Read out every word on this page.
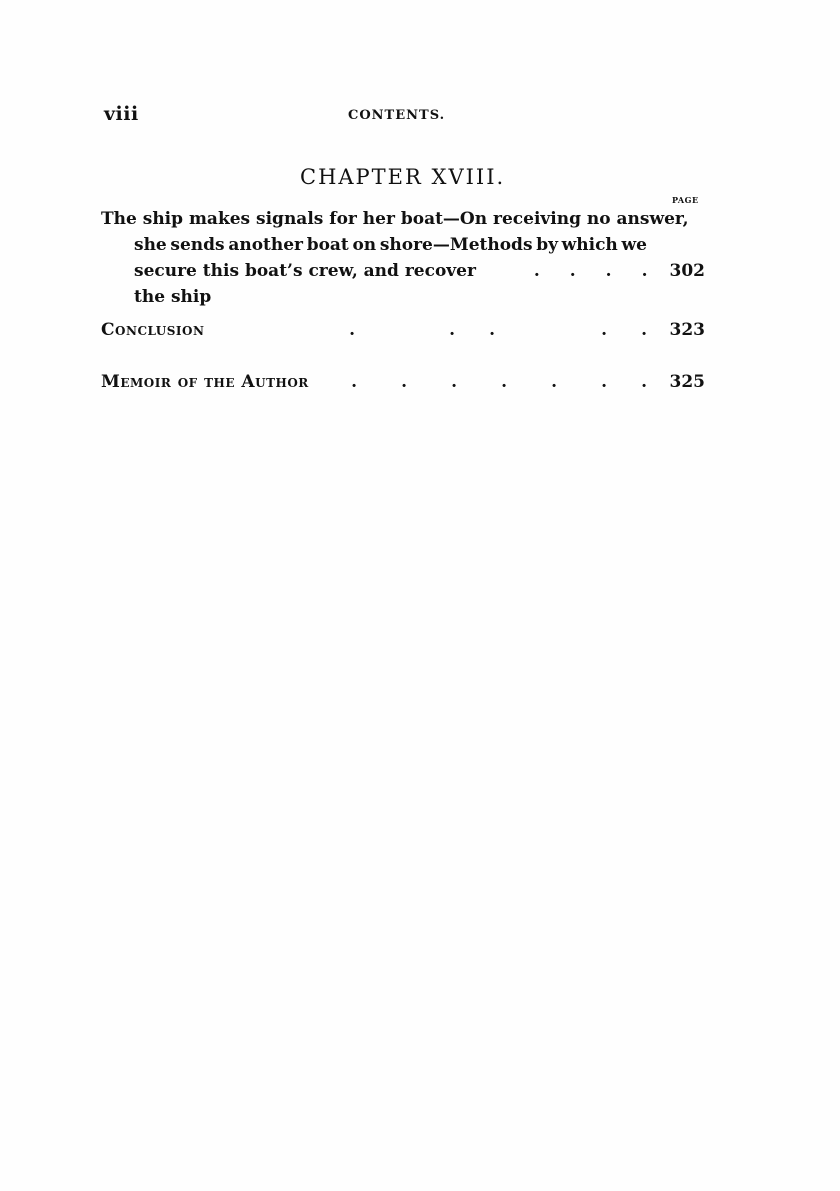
viii	CONTENTS.
CHAPTER XVIII.
PAGE
The ship makes signals for her boat—On receiving no answer,
she sends another boat on shore—Methods by which we
secure this boat’s crew, and recover the ship
. . . .	302
Conclusion	.	.	.	.	. 323
Memoir of the Author	.	.	.	.	.	.	. 325
